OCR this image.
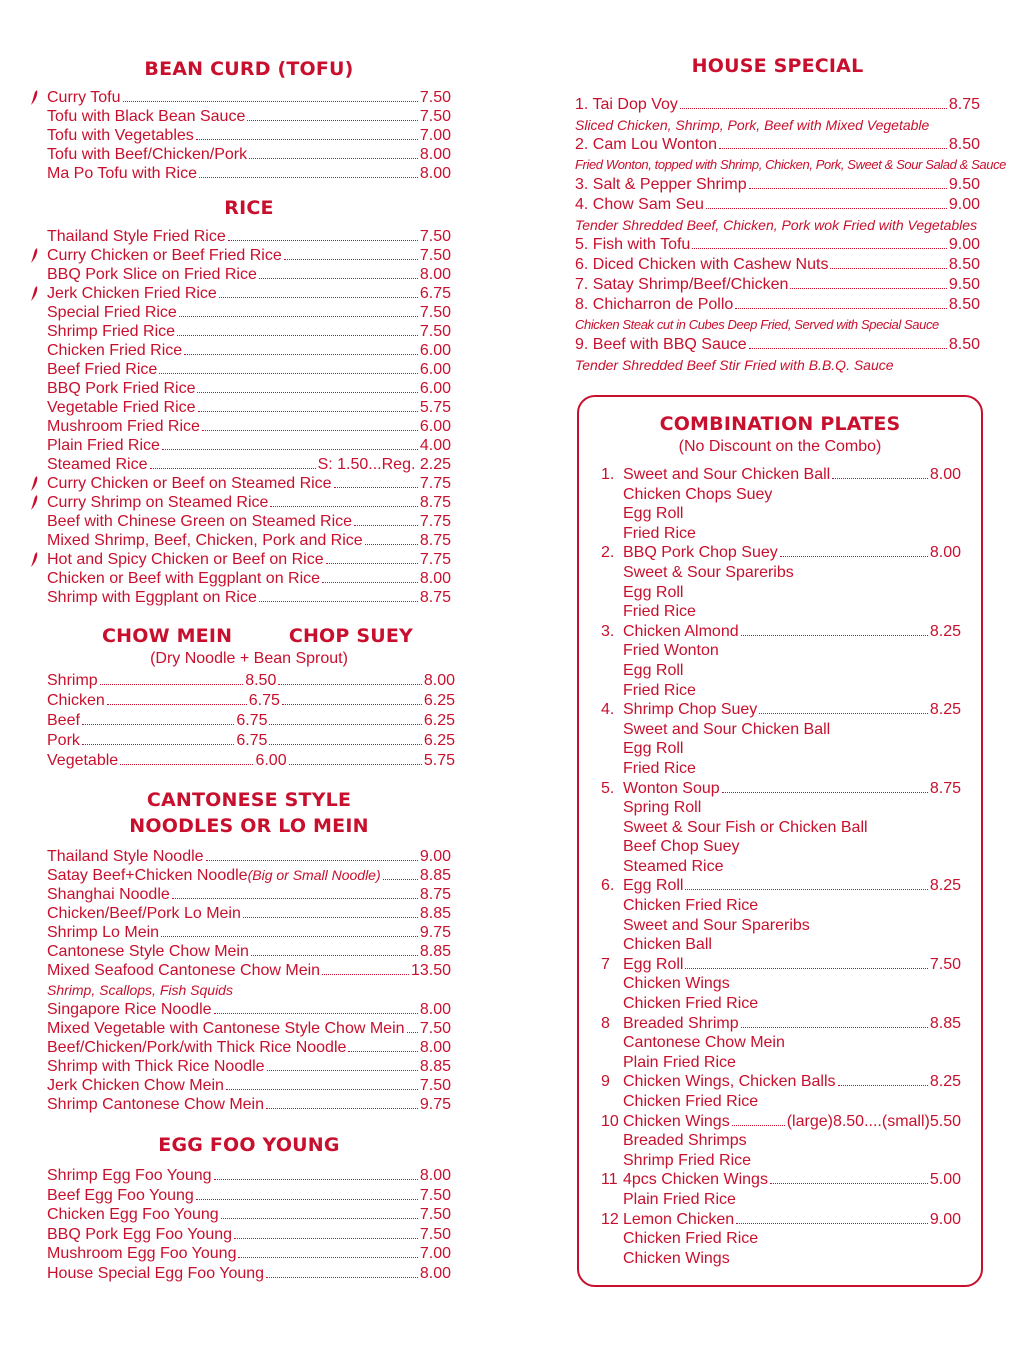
BEAN CURD (TOFU)
Curry Tofu	7.50
Tofu with Black Bean Sauce	7.50
Tofu with Vegetables	7.00
Tofu with Beef/Chicken/Pork	8.00
Ma Po Tofu with Rice	8.00
RICE
Thailand Style Fried Rice	7.50
Curry Chicken or Beef Fried Rice	7.50
BBQ Pork Slice on Fried Rice	8.00
Jerk Chicken Fried Rice	6.75
Special Fried Rice	7.50
Shrimp Fried Rice	7.50
Chicken Fried Rice	6.00
Beef Fried Rice	6.00
BBQ Pork Fried Rice	6.00
Vegetable Fried Rice	5.75
Mushroom Fried Rice	6.00
Plain Fried Rice	4.00
Steamed Rice	S: 1.50...Reg. 2.25
Curry Chicken or Beef on Steamed Rice	7.75
Curry Shrimp on Steamed Rice	8.75
Beef with Chinese Green on Steamed Rice	7.75
Mixed Shrimp, Beef, Chicken, Pork and Rice	8.75
Hot and Spicy Chicken or Beef on Rice	7.75
Chicken or Beef with Eggplant on Rice	8.00
Shrimp with Eggplant on Rice	8.75
CHOW MEIN	CHOP SUEY
(Dry Noodle + Bean Sprout)
Shrimp	8.50	8.00
Chicken	6.75	6.25
Beef	6.75	6.25
Pork	6.75	6.25
Vegetable	6.00	5.75
CANTONESE STYLE
NOODLES OR LO MEIN
Thailand Style Noodle	9.00
Satay Beef+Chicken Noodle (Big or Small Noodle) 8.85
Shanghai Noodle	8.75
Chicken/Beef/Pork Lo Mein	8.85
Shrimp Lo Mein	9.75
Cantonese Style Chow Mein	8.85
Mixed Seafood Cantonese Chow Mein	13.50
Shrimp, Scallops, Fish Squids
Singapore Rice Noodle	8.00
Mixed Vegetable with Cantonese Style Chow Mein 7.50
Beef/Chicken/Pork/with Thick Rice Noodle	8.00
Shrimp with Thick Rice Noodle	8.85
Jerk Chicken Chow Mein	7.50
Shrimp Cantonese Chow Mein	9.75
EGG FOO YOUNG
Shrimp Egg Foo Young	8.00
Beef Egg Foo Young	7.50
Chicken Egg Foo Young	7.50
BBQ Pork Egg Foo Young	7.50
Mushroom Egg Foo Young	7.00
House Special Egg Foo Young	8.00
HOUSE SPECIAL
1. Tai Dop Voy	8.75
Sliced Chicken, Shrimp, Pork, Beef with Mixed Vegetable
2. Cam Lou Wonton	8.50
Fried Wonton, topped with Shrimp, Chicken, Pork, Sweet & Sour Salad & Sauce
3. Salt & Pepper Shrimp	9.50
4. Chow Sam Seu	9.00
Tender Shredded Beef, Chicken, Pork wok Fried with Vegetables
5. Fish with Tofu	9.00
6. Diced Chicken with Cashew Nuts	8.50
7. Satay Shrimp/Beef/Chicken	9.50
8. Chicharron de Pollo	8.50
Chicken Steak cut in Cubes Deep Fried, Served with Special Sauce
9. Beef with BBQ Sauce	8.50
Tender Shredded Beef Stir Fried with B.B.Q. Sauce
COMBINATION PLATES
(No Discount on the Combo)
1. Sweet and Sour Chicken Ball	8.00
Chicken Chops Suey
Egg Roll
Fried Rice
2. BBQ Pork Chop Suey	8.00
Sweet & Sour Spareribs
Egg Roll
Fried Rice
3. Chicken Almond	8.25
Fried Wonton
Egg Roll
Fried Rice
4. Shrimp Chop Suey	8.25
Sweet and Sour Chicken Ball
Egg Roll
Fried Rice
5. Wonton Soup	8.75
Spring Roll
Sweet & Sour Fish or Chicken Ball
Beef Chop Suey
Steamed Rice
6. Egg Roll	8.25
Chicken Fried Rice
Sweet and Sour Spareribs
Chicken Ball
7 Egg Roll	7.50
Chicken Wings
Chicken Fried Rice
8 Breaded Shrimp	8.85
Cantonese Chow Mein
Plain Fried Rice
9 Chicken Wings, Chicken Balls	8.25
Chicken Fried Rice
10 Chicken Wings	(large)8.50....(small)5.50
Breaded Shrimps
Shrimp Fried Rice
11 4pcs Chicken Wings	5.00
Plain Fried Rice
12 Lemon Chicken	9.00
Chicken Fried Rice
Chicken Wings
